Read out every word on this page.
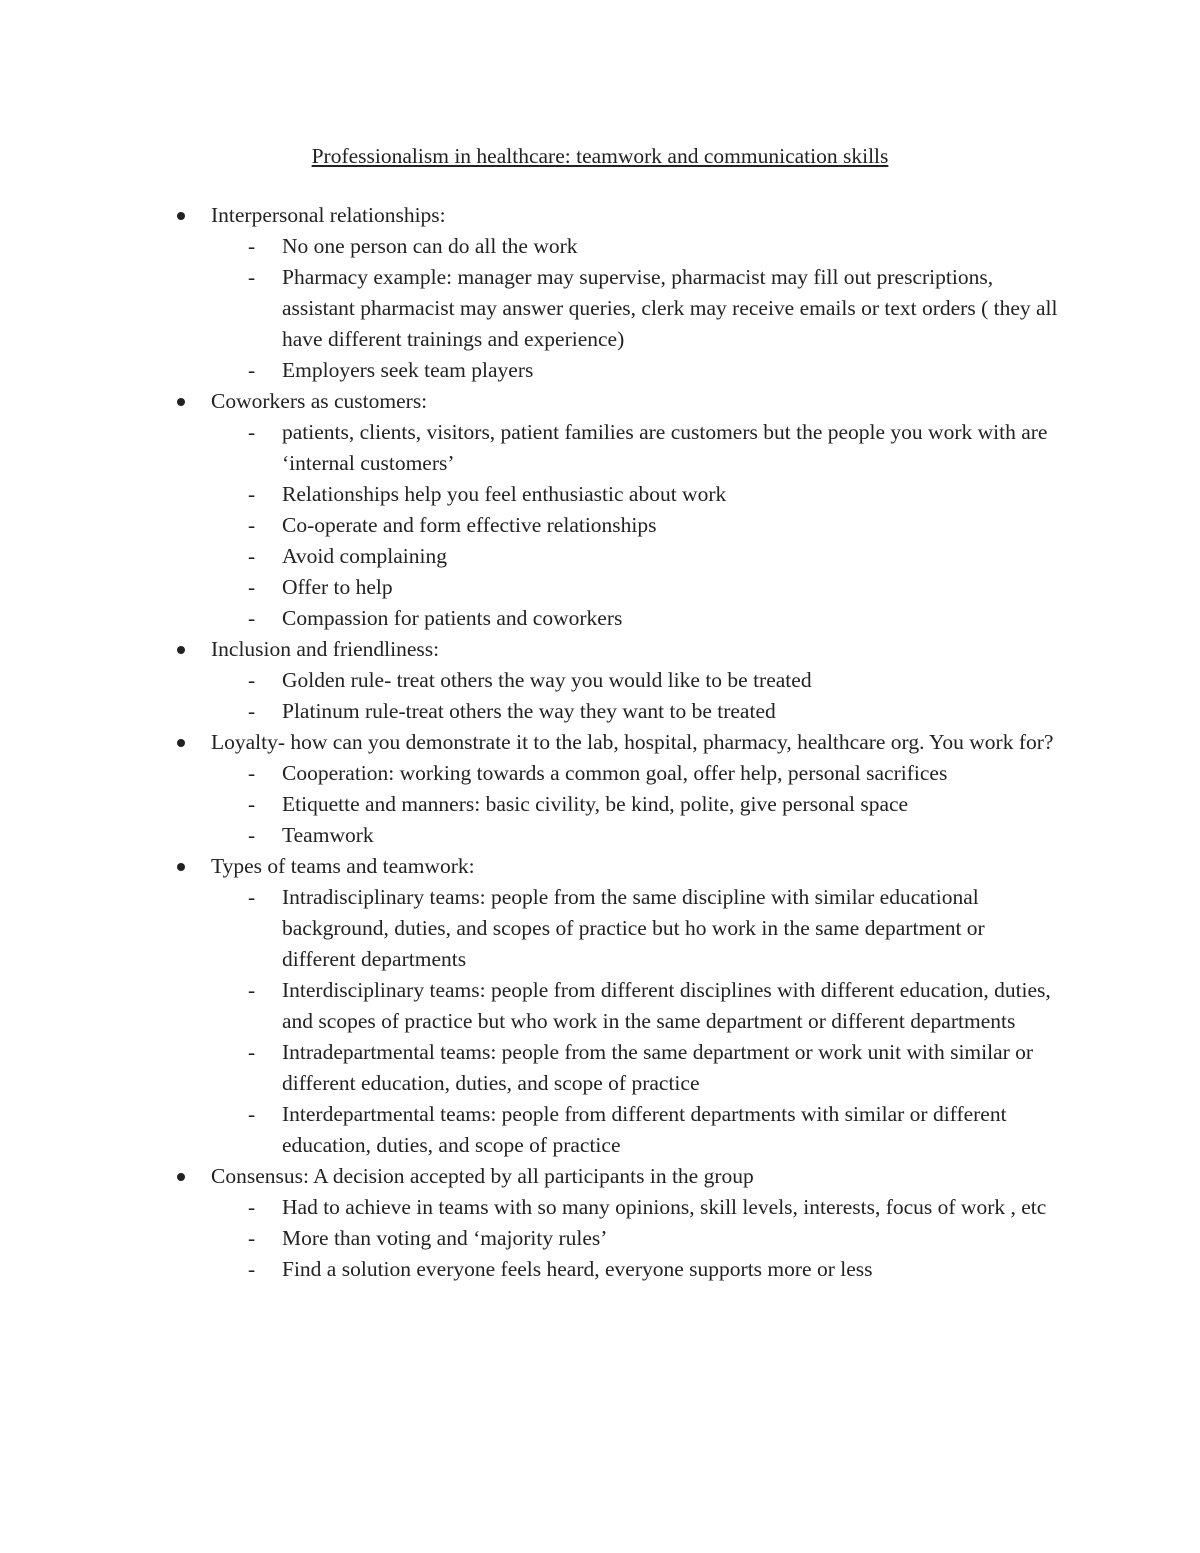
Professionalism in healthcare: teamwork and communication skills
Interpersonal relationships:
- No one person can do all the work
- Pharmacy example: manager may supervise, pharmacist may fill out prescriptions, assistant pharmacist may answer queries, clerk may receive emails or text orders ( they all have different trainings and experience)
- Employers seek team players
Coworkers as customers:
- patients, clients, visitors, patient families are customers but the people you work with are ‘internal customers’
- Relationships help you feel enthusiastic about work
- Co-operate and form effective relationships
- Avoid complaining
- Offer to help
- Compassion for patients and coworkers
Inclusion and friendliness:
- Golden rule- treat others the way you would like to be treated
- Platinum rule-treat others the way they want to be treated
Loyalty- how can you demonstrate it to the lab, hospital, pharmacy, healthcare org. You work for?
- Cooperation: working towards a common goal, offer help, personal sacrifices
- Etiquette and manners: basic civility, be kind, polite, give personal space
- Teamwork
Types of teams and teamwork:
- Intradisciplinary teams: people from the same discipline with similar educational background, duties, and scopes of practice but ho work in the same department or different departments
- Interdisciplinary teams: people from different disciplines with different education, duties, and scopes of practice but who work in the same department or different departments
- Intradepartmental teams: people from the same department or work unit with similar or different education, duties, and scope of practice
- Interdepartmental teams: people from different departments with similar or different education, duties, and scope of practice
Consensus: A decision accepted by all participants in the group
- Had to achieve in teams with so many opinions, skill levels, interests, focus of work , etc
- More than voting and ‘majority rules’
- Find a solution everyone feels heard, everyone supports more or less
